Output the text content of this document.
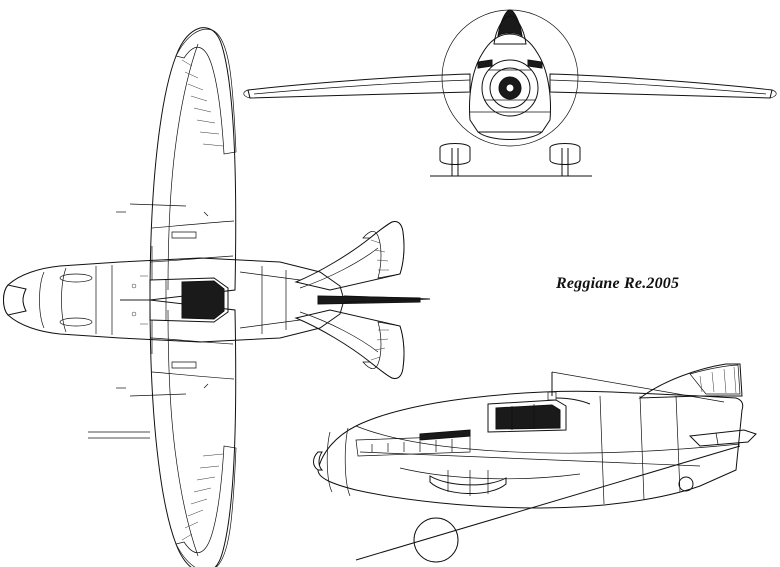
Reggiane Re.2005
